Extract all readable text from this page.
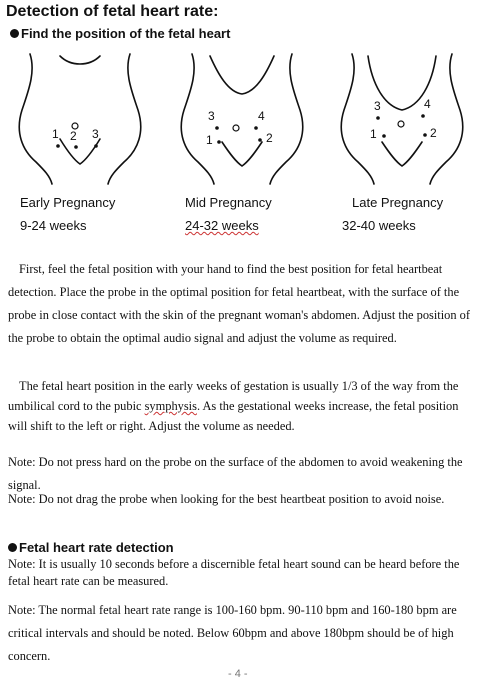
Detection of fetal heart rate:
Find the position of the fetal heart
1 2 3
3	4
1	2
3	4
1	2
Early Pregnancy
9-24 weeks
Mid Pregnancy
24-32 weeks
Late Pregnancy
32-40 weeks
First, feel the fetal position with your hand to find the best position for fetal heartbeat detection. Place the probe in the optimal position for fetal heartbeat, with the surface of the probe in close contact with the skin of the pregnant woman's abdomen. Adjust the position of the probe to obtain the optimal audio signal and adjust the volume as required.
The fetal heart position in the early weeks of gestation is usually 1/3 of the way from the umbilical cord to the pubic symphysis. As the gestational weeks increase, the fetal position will shift to the left or right. Adjust the volume as needed.
Note: Do not press hard on the probe on the surface of the abdomen to avoid weakening the signal.
Note: Do not drag the probe when looking for the best heartbeat position to avoid noise.
Fetal heart rate detection
Note: It is usually 10 seconds before a discernible fetal heart sound can be heard before the fetal heart rate can be measured.
Note: The normal fetal heart rate range is 100-160 bpm. 90-110 bpm and 160-180 bpm are critical intervals and should be noted. Below 60bpm and above 180bpm should be of high concern.
- 4 -
